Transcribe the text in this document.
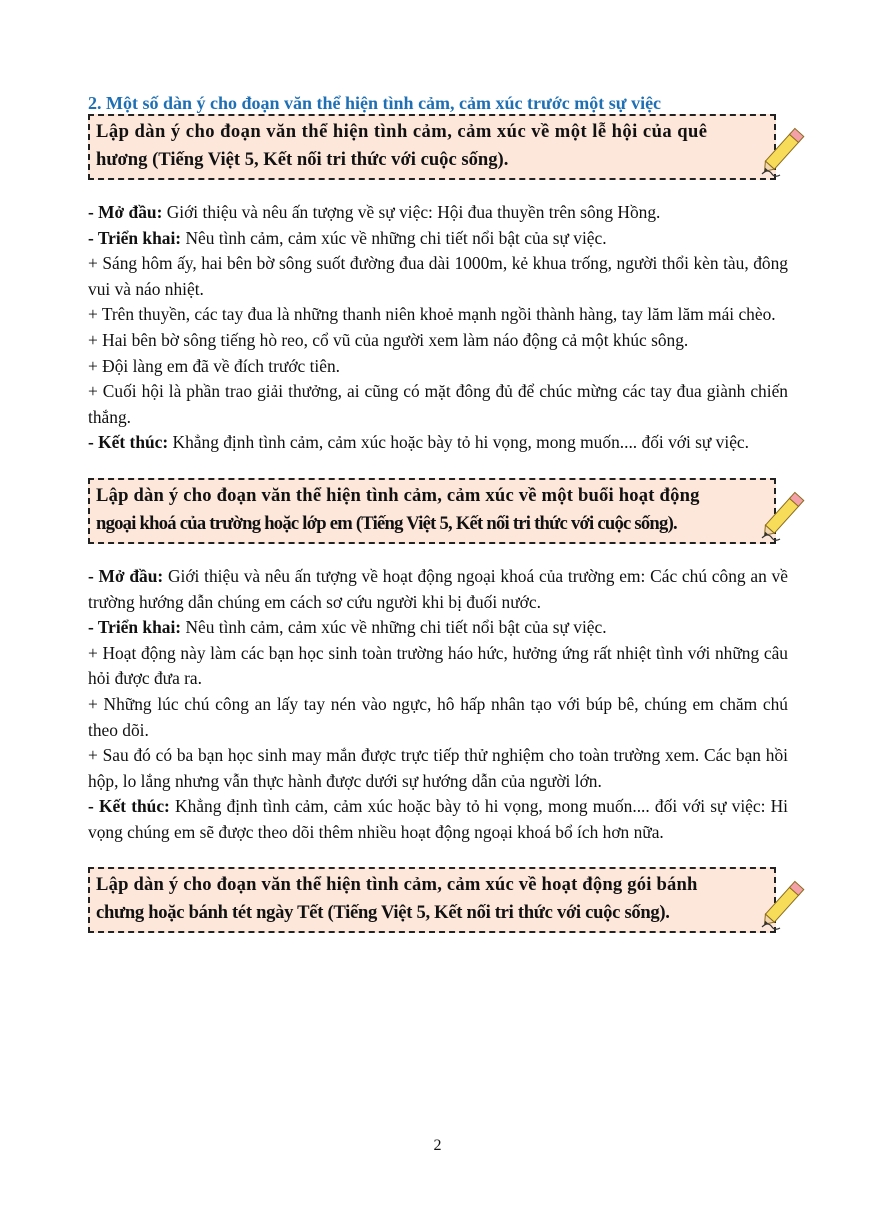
2. Một số dàn ý cho đoạn văn thể hiện tình cảm, cảm xúc trước một sự việc
Lập dàn ý cho đoạn văn thể hiện tình cảm, cảm xúc về một lễ hội của quê
hương (Tiếng Việt 5, Kết nối tri thức với cuộc sống).

- Mở đầu: Giới thiệu và nêu ấn tượng về sự việc: Hội đua thuyền trên sông Hồng.

- Triển khai: Nêu tình cảm, cảm xúc về những chi tiết nổi bật của sự việc.

+ Sáng hôm ấy, hai bên bờ sông suốt đường đua dài 1000m, kẻ khua trống, người thổi kèn tàu, đông vui và náo nhiệt.

+ Trên thuyền, các tay đua là những thanh niên khoẻ mạnh ngồi thành hàng, tay lăm lăm mái chèo.

+ Hai bên bờ sông tiếng hò reo, cổ vũ của người xem làm náo động cả một khúc sông.

+ Đội làng em đã về đích trước tiên.

+ Cuối hội là phần trao giải thưởng, ai cũng có mặt đông đủ để chúc mừng các tay đua giành chiến thắng.

- Kết thúc: Khẳng định tình cảm, cảm xúc hoặc bày tỏ hi vọng, mong muốn.... đối với sự việc.

Lập dàn ý cho đoạn văn thể hiện tình cảm, cảm xúc về một buổi hoạt động
ngoại khoá của trường hoặc lớp em (Tiếng Việt 5, Kết nối tri thức với cuộc sống).

- Mở đầu: Giới thiệu và nêu ấn tượng về hoạt động ngoại khoá của trường em: Các chú công an về trường hướng dẫn chúng em cách sơ cứu người khi bị đuối nước.

- Triển khai: Nêu tình cảm, cảm xúc về những chi tiết nổi bật của sự việc.

+ Hoạt động này làm các bạn học sinh toàn trường háo hức, hưởng ứng rất nhiệt tình với những câu hỏi được đưa ra.

+ Những lúc chú công an lấy tay nén vào ngực, hô hấp nhân tạo với búp bê, chúng em chăm chú theo dõi.

+ Sau đó có ba bạn học sinh may mắn được trực tiếp thử nghiệm cho toàn trường xem. Các bạn hồi hộp, lo lắng nhưng vẫn thực hành được dưới sự hướng dẫn của người lớn.

- Kết thúc: Khẳng định tình cảm, cảm xúc hoặc bày tỏ hi vọng, mong muốn.... đối với sự việc: Hi vọng chúng em sẽ được theo dõi thêm nhiều hoạt động ngoại khoá bổ ích hơn nữa.

Lập dàn ý cho đoạn văn thể hiện tình cảm, cảm xúc về hoạt động gói bánh
chưng hoặc bánh tét ngày Tết (Tiếng Việt 5, Kết nối tri thức với cuộc sống).
2
